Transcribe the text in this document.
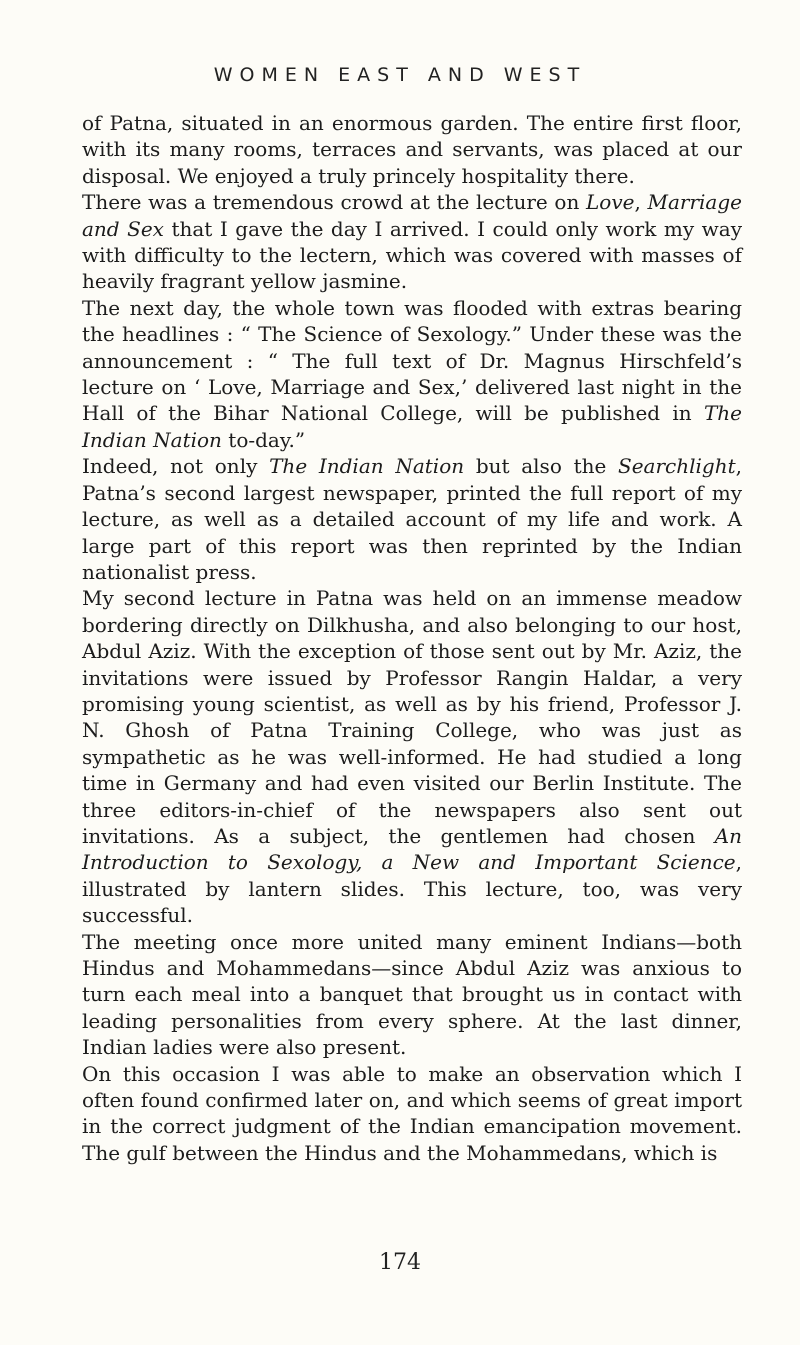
WOMEN EAST AND WEST

of Patna, situated in an enormous garden. The entire first floor, with its many rooms, terraces and servants, was placed at our disposal. We enjoyed a truly princely hospitality there.

There was a tremendous crowd at the lecture on Love, Marriage and Sex that I gave the day I arrived. I could only work my way with difficulty to the lectern, which was covered with masses of heavily fragrant yellow jasmine.

The next day, the whole town was flooded with extras bearing the headlines : “ The Science of Sexology.” Under these was the announcement : “ The full text of Dr. Magnus Hirschfeld’s lecture on ‘ Love, Marriage and Sex,’ delivered last night in the Hall of the Bihar National College, will be published in The Indian Nation to-day.”

Indeed, not only The Indian Nation but also the Searchlight, Patna’s second largest newspaper, printed the full report of my lecture, as well as a detailed account of my life and work. A large part of this report was then reprinted by the Indian nationalist press.

My second lecture in Patna was held on an immense meadow bordering directly on Dilkhusha, and also belonging to our host, Abdul Aziz. With the exception of those sent out by Mr. Aziz, the invitations were issued by Professor Rangin Haldar, a very promising young scientist, as well as by his friend, Professor J. N. Ghosh of Patna Training College, who was just as sympathetic as he was well-informed. He had studied a long time in Germany and had even visited our Berlin Institute. The three editors-in-chief of the newspapers also sent out invitations. As a subject, the gentlemen had chosen An Introduction to Sexology, a New and Important Science, illustrated by lantern slides. This lecture, too, was very successful.

The meeting once more united many eminent Indians—both Hindus and Mohammedans—since Abdul Aziz was anxious to turn each meal into a banquet that brought us in contact with leading personalities from every sphere. At the last dinner, Indian ladies were also present.

On this occasion I was able to make an observation which I often found confirmed later on, and which seems of great import in the correct judgment of the Indian emancipation movement. The gulf between the Hindus and the Mohammedans, which is

174
